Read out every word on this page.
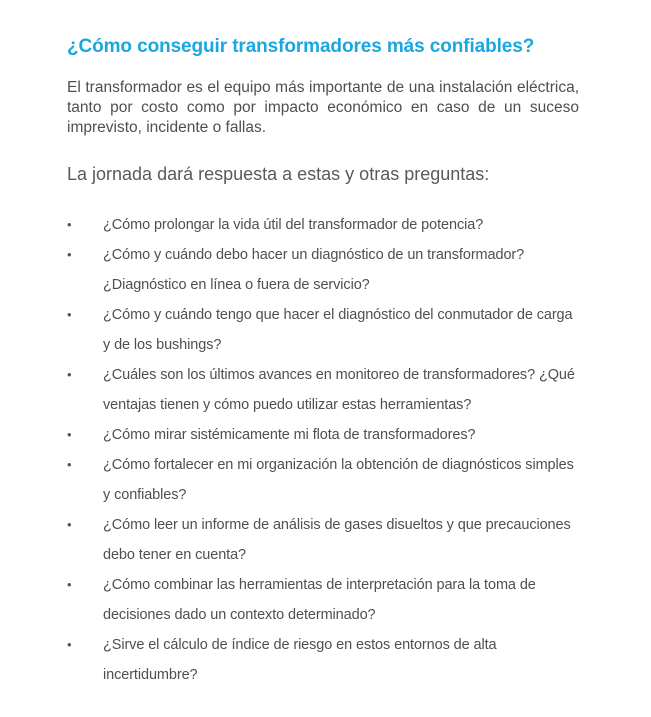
¿Cómo conseguir transformadores más confiables?

El transformador es el equipo más importante de una instalación eléctrica, tanto por costo como por impacto económico en caso de un suceso imprevisto, incidente o fallas.

La jornada dará respuesta a estas y otras preguntas:

• ¿Cómo prolongar la vida útil del transformador de potencia?
• ¿Cómo y cuándo debo hacer un diagnóstico de un transformador? ¿Diagnóstico en línea o fuera de servicio?
• ¿Cómo y cuándo tengo que hacer el diagnóstico del conmutador de carga y de los bushings?
• ¿Cuáles son los últimos avances en monitoreo de transformadores? ¿Qué ventajas tienen y cómo puedo utilizar estas herramientas?
• ¿Cómo mirar sistémicamente mi flota de transformadores?
• ¿Cómo fortalecer en mi organización la obtención de diagnósticos simples y confiables?
• ¿Cómo leer un informe de análisis de gases disueltos y que precauciones debo tener en cuenta?
• ¿Cómo combinar las herramientas de interpretación para la toma de decisiones dado un contexto determinado?
• ¿Sirve el cálculo de índice de riesgo en estos entornos de alta incertidumbre?
